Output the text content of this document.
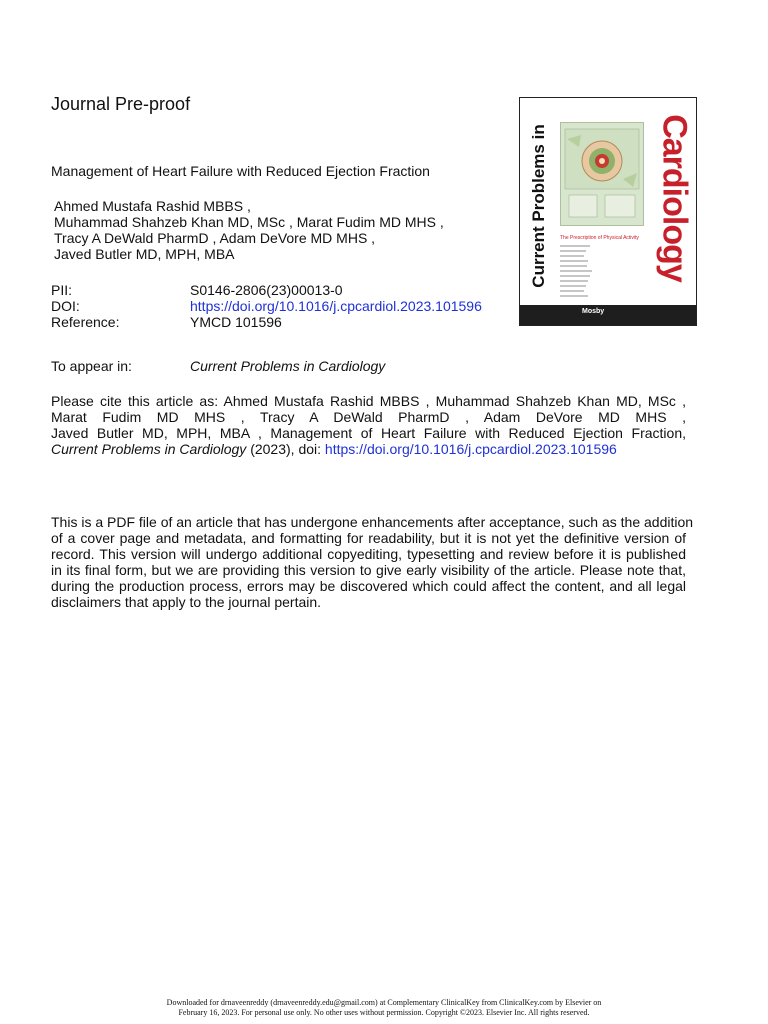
Journal Pre-proof
Management of Heart Failure with Reduced Ejection Fraction
Ahmed Mustafa Rashid MBBS ,
Muhammad Shahzeb Khan MD, MSc , Marat Fudim MD MHS ,
Tracy A DeWald PharmD , Adam DeVore MD MHS ,
Javed Butler MD, MPH, MBA
PII:	S0146-2806(23)00013-0
DOI:	https://doi.org/10.1016/j.cpcardiol.2023.101596
Reference:	YMCD 101596
To appear in:	Current Problems in Cardiology
Please cite this article as: Ahmed Mustafa Rashid MBBS , Muhammad Shahzeb Khan MD, MSc ,
Marat Fudim MD MHS , Tracy A DeWald PharmD , Adam DeVore MD MHS ,
Javed Butler MD, MPH, MBA , Management of Heart Failure with Reduced Ejection Fraction,
Current Problems in Cardiology (2023), doi: https://doi.org/10.1016/j.cpcardiol.2023.101596
This is a PDF file of an article that has undergone enhancements after acceptance, such as the addition
of a cover page and metadata, and formatting for readability, but it is not yet the definitive version of
record. This version will undergo additional copyediting, typesetting and review before it is published
in its final form, but we are providing this version to give early visibility of the article. Please note that,
during the production process, errors may be discovered which could affect the content, and all legal
disclaimers that apply to the journal pertain.
Current Problems in	Cardiology
The Prescription of Physical Activity
Mosby
Downloaded for drnaveenreddy (drnaveenreddy.edu@gmail.com) at Complementary ClinicalKey from ClinicalKey.com by Elsevier on
February 16, 2023. For personal use only. No other uses without permission. Copyright ©2023. Elsevier Inc. All rights reserved.
